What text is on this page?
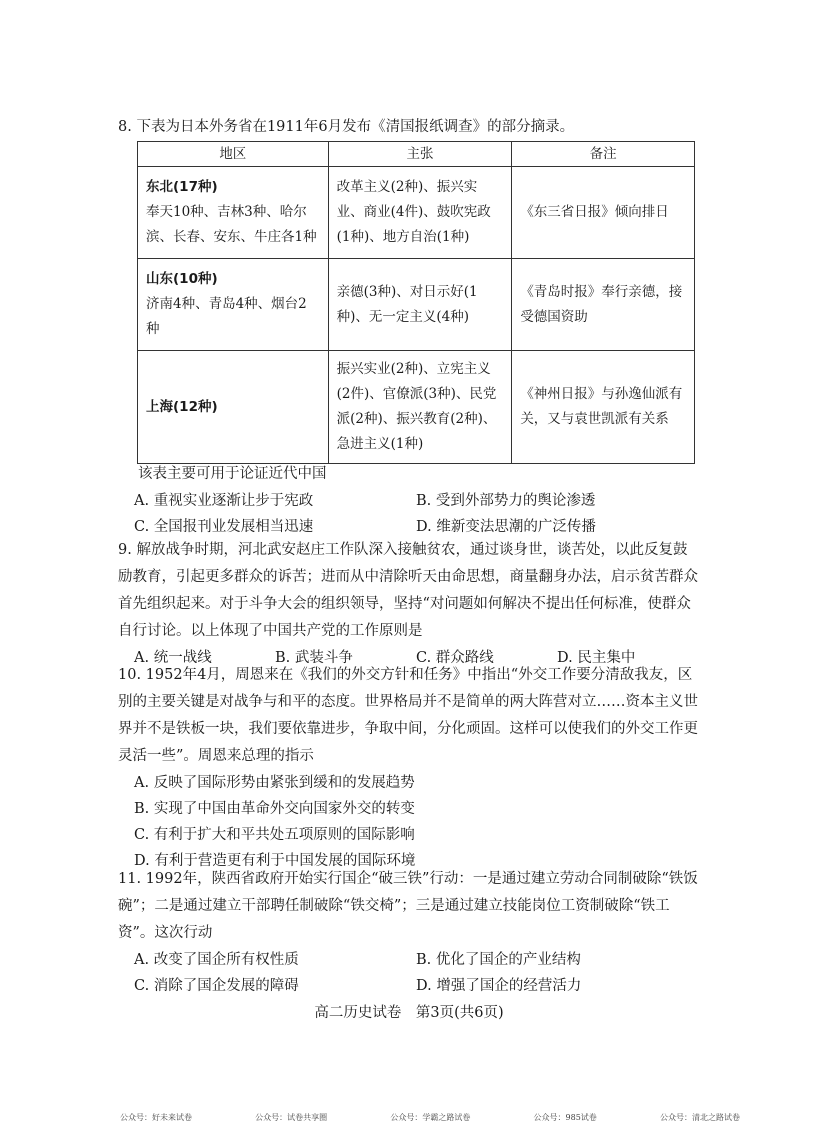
8. 下表为日本外务省在1911年6月发布《清国报纸调查》的部分摘录。

地区	主张	备注

东北(17种)
奉天10种、吉林3种、哈尔滨、长春、安东、牛庄各1种	改革主义(2种)、振兴实业、商业(4件)、鼓吹宪政(1种)、地方自治(1种)	《东三省日报》倾向排日

山东(10种)
济南4种、青岛4种、烟台2种	亲德(3种)、对日示好(1种)、无一定主义(4种)	《青岛时报》奉行亲德，接受德国资助

上海(12种)	振兴实业(2种)、立宪主义(2件)、官僚派(3种)、民党派(2种)、振兴教育(2种)、急进主义(1种)	《神州日报》与孙逸仙派有关，又与袁世凯派有关系

该表主要可用于论证近代中国

A. 重视实业逐渐让步于宪政	B. 受到外部势力的舆论渗透
C. 全国报刊业发展相当迅速	D. 维新变法思潮的广泛传播

9. 解放战争时期，河北武安赵庄工作队深入接触贫农，通过谈身世，谈苦处，以此反复鼓励教育，引起更多群众的诉苦；进而从中清除听天由命思想，商量翻身办法，启示贫苦群众首先组织起来。对于斗争大会的组织领导，坚持“对问题如何解决不提出任何标准，使群众自行讨论。以上体现了中国共产党的工作原则是

A. 统一战线	B. 武装斗争	C. 群众路线	D. 民主集中

10. 1952年4月，周恩来在《我们的外交方针和任务》中指出“外交工作要分清敌我友，区别的主要关键是对战争与和平的态度。世界格局并不是简单的两大阵营对立……资本主义世界并不是铁板一块，我们要依靠进步，争取中间，分化顽固。这样可以使我们的外交工作更灵活一些”。周恩来总理的指示

A. 反映了国际形势由紧张到缓和的发展趋势
B. 实现了中国由革命外交向国家外交的转变
C. 有利于扩大和平共处五项原则的国际影响
D. 有利于营造更有利于中国发展的国际环境

11. 1992年，陕西省政府开始实行国企“破三铁”行动：一是通过建立劳动合同制破除“铁饭碗”；二是通过建立干部聘任制破除“铁交椅”；三是通过建立技能岗位工资制破除“铁工资”。这次行动

A. 改变了国企所有权性质	B. 优化了国企的产业结构
C. 消除了国企发展的障碍	D. 增强了国企的经营活力
高二历史试卷　第3页(共6页)
公众号：好未来试卷	公众号：试卷共享圈	公众号：学霸之路试卷	公众号：985试卷	公众号：清北之路试卷
